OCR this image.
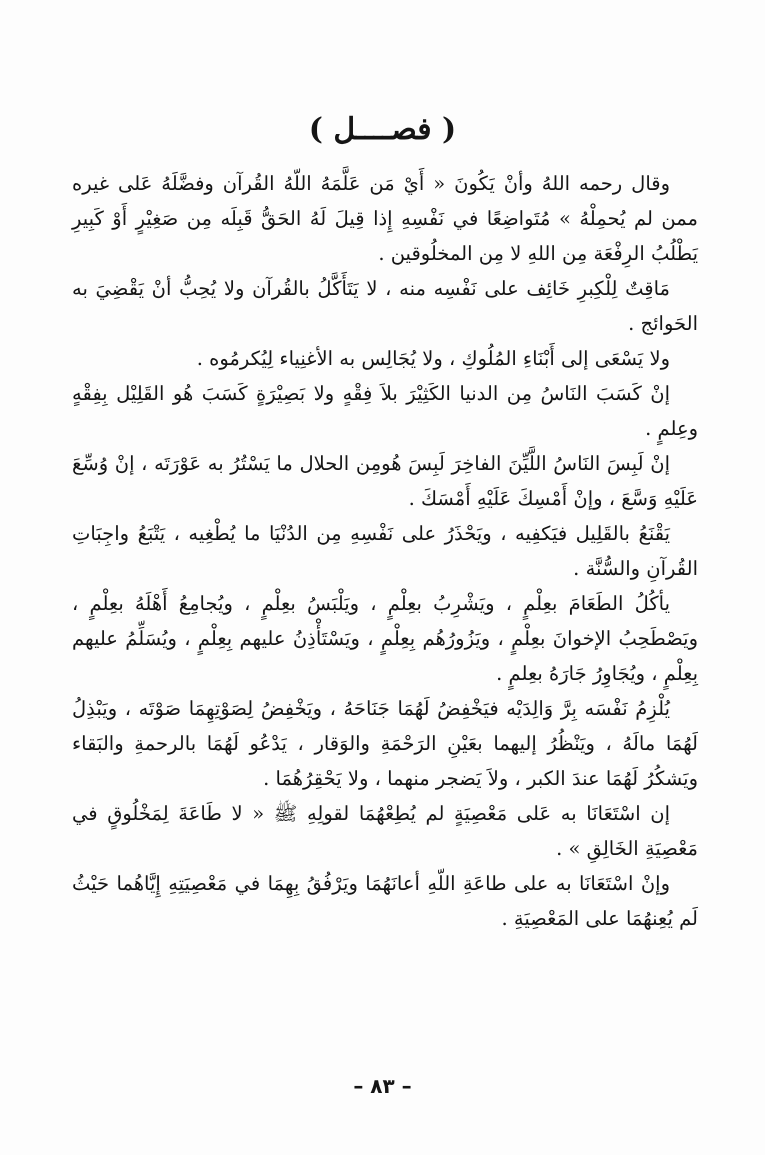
( فصــــل )

وقال رحمه اللهُ وأنْ يَكُونَ « أَيْ مَن عَلَّمَهُ اللّهُ القُرآن وفضَّلَهُ عَلى غيره ممن لم يُحمِلْهُ » مُتَواضِعًا في نَفْسِهِ إِذا قِيلَ لَهُ الحَقُّ قَبِلَه مِن صَغِيْرٍ أَوْ كَبِيرِ يَطْلُبُ الرِفْعَة مِن اللهِ لا مِن المخلُوقين .

مَاقِتٌ لِلْكِبرِ خَائِف على نَفْسِه منه ، لا يَتَأَكَّلُ بالقُرآن ولا يُحِبُّ أنْ يَقْضِيَ به الحَوائج .

ولا يَسْعَى إلى أَبْنَاءِ المُلُوكِ ، ولا يُجَالِس به الأغنِياء لِيُكرمُوه .

إنْ كَسَبَ النَاسُ مِن الدنيا الكَثِيْرَ بلاَ فِقْهٍ ولا بَصِيْرَةٍ كَسَبَ هُو القَلِيْل بِفِقْهٍ وعِلمٍ .

إنْ لَبِسَ النَاسُ اللَّيِّنَ الفاخِرَ لَبِسَ هُومِن الحلال ما يَسْتُرُ به عَوْرَتَه ، إنْ وُسِّعَ عَلَيْهِ وَسَّعَ ، وإنْ أَمْسِكَ عَلَيْهِ أَمْسَكَ .

يَقْنَعُ بالقَلِيل فيَكفِيه ، ويَحْذَرُ على نَفْسِهِ مِن الدُنْيَا ما يُطْغِيه ، يَتْبَعُ واجِبَاتِ القُرآنِ والسُّنَّة .

يأكُلُ الطَعَامَ بعِلْمٍ ، ويَشْرِبُ بعِلْمٍ ، ويَلْبَسُ بعِلْمٍ ، ويُجامِعُ أَهْلَهُ بعِلْمٍ ، ويَصْطَحِبُ الإخوانَ بعِلْمٍ ، ويَزُورُهُم بِعِلْمٍ ، ويَسْتَأْذِنُ عليهم بِعِلْمٍ ، ويُسَلِّمُ عليهم بِعِلْمٍ ، ويُجَاوِرُ جَارَهُ بعِلمٍ .

يُلْزِمُ نَفْسَه بِرَّ وَالِدَيْه فيَخْفِضُ لَهُمَا جَنَاحَهُ ، ويَخْفِضُ لِصَوْتِهِمَا صَوْتَه ، ويَبْذِلُ لَهُمَا مالَهُ ، ويَنْظُرُ إليهما بعَيْنِ الرَحْمَةِ والوَقار ، يَدْعُو لَهُمَا بالرحمةِ والبَقاء ويَشكُرُ لَهُمَا عندَ الكبر ، ولاَ يَضجر منهما ، ولا يَحْقِرُهُمَا .

إن اسْتَعَانَا به عَلى مَعْصِيَةٍ لم يُطِعْهُمَا لقولِهِ ﷺ « لا طَاعَةَ لِمَخْلُوقٍ في مَعْصِيَةِ الخَالِقِ » .

وإنْ اسْتَعَانَا به على طاعَةِ اللّهِ أعانَهُمَا ويَرْفُقُ بِهِمَا في مَعْصِيَتِهِ إِيَّاهُما حَيْثُ لَم يُعِنهُمَا على المَعْصِيَةِ .

– ٨٣ –
